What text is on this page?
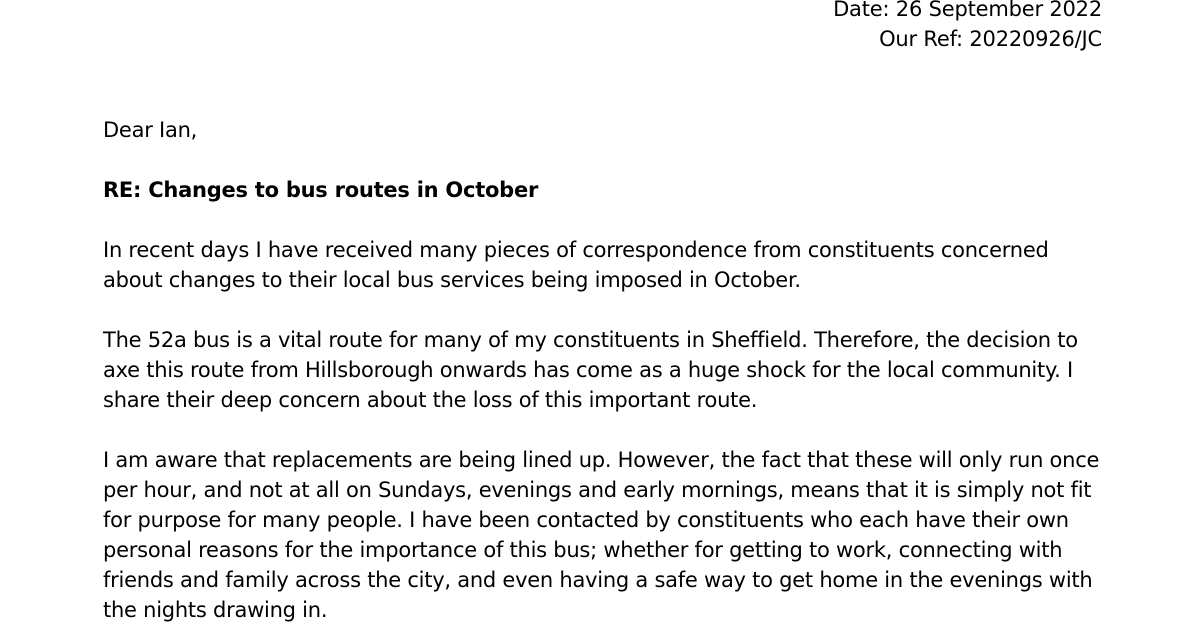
Date: 26 September 2022
Our Ref: 20220926/JC

Dear Ian,

RE: Changes to bus routes in October

In recent days I have received many pieces of correspondence from constituents concerned
about changes to their local bus services being imposed in October.

The 52a bus is a vital route for many of my constituents in Sheffield. Therefore, the decision to
axe this route from Hillsborough onwards has come as a huge shock for the local community. I
share their deep concern about the loss of this important route.

I am aware that replacements are being lined up. However, the fact that these will only run once
per hour, and not at all on Sundays, evenings and early mornings, means that it is simply not fit
for purpose for many people. I have been contacted by constituents who each have their own
personal reasons for the importance of this bus; whether for getting to work, connecting with
friends and family across the city, and even having a safe way to get home in the evenings with
the nights drawing in.
